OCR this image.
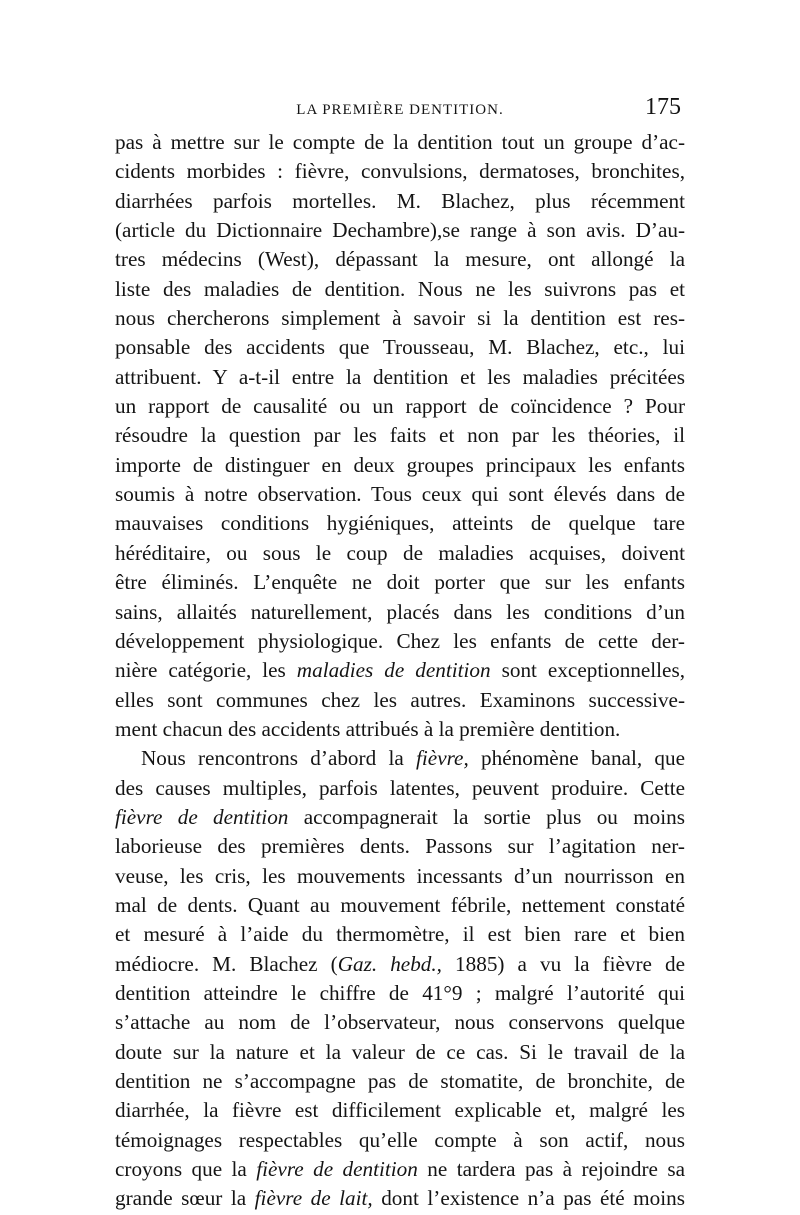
LA PREMIÈRE DENTITION.	175
pas à mettre sur le compte de la dentition tout un groupe d’ac-
cidents morbides : fièvre, convulsions, dermatoses, bronchites,
diarrhées parfois mortelles. M. Blachez, plus récemment
(article du Dictionnaire Dechambre),se range à son avis. D’au-
tres médecins (West), dépassant la mesure, ont allongé la
liste des maladies de dentition. Nous ne les suivrons pas et
nous chercherons simplement à savoir si la dentition est res-
ponsable des accidents que Trousseau, M. Blachez, etc., lui
attribuent. Y a-t-il entre la dentition et les maladies précitées
un rapport de causalité ou un rapport de coïncidence ? Pour
résoudre la question par les faits et non par les théories, il
importe de distinguer en deux groupes principaux les enfants
soumis à notre observation. Tous ceux qui sont élevés dans de
mauvaises conditions hygiéniques, atteints de quelque tare
héréditaire, ou sous le coup de maladies acquises, doivent
être éliminés. L’enquête ne doit porter que sur les enfants
sains, allaités naturellement, placés dans les conditions d’un
développement physiologique. Chez les enfants de cette der-
nière catégorie, les maladies de dentition sont exceptionnelles,
elles sont communes chez les autres. Examinons successive-
ment chacun des accidents attribués à la première dentition.
Nous rencontrons d’abord la fièvre, phénomène banal, que
des causes multiples, parfois latentes, peuvent produire. Cette
fièvre de dentition accompagnerait la sortie plus ou moins
laborieuse des premières dents. Passons sur l’agitation ner-
veuse, les cris, les mouvements incessants d’un nourrisson en
mal de dents. Quant au mouvement fébrile, nettement constaté
et mesuré à l’aide du thermomètre, il est bien rare et bien
médiocre. M. Blachez (Gaz. hebd., 1885) a vu la fièvre de
dentition atteindre le chiffre de 41°9 ; malgré l’autorité qui
s’attache au nom de l’observateur, nous conservons quelque
doute sur la nature et la valeur de ce cas. Si le travail de la
dentition ne s’accompagne pas de stomatite, de bronchite, de
diarrhée, la fièvre est difficilement explicable et, malgré les
témoignages respectables qu’elle compte à son actif, nous
croyons que la fièvre de dentition ne tardera pas à rejoindre sa
grande sœur la fièvre de lait, dont l’existence n’a pas été moins
